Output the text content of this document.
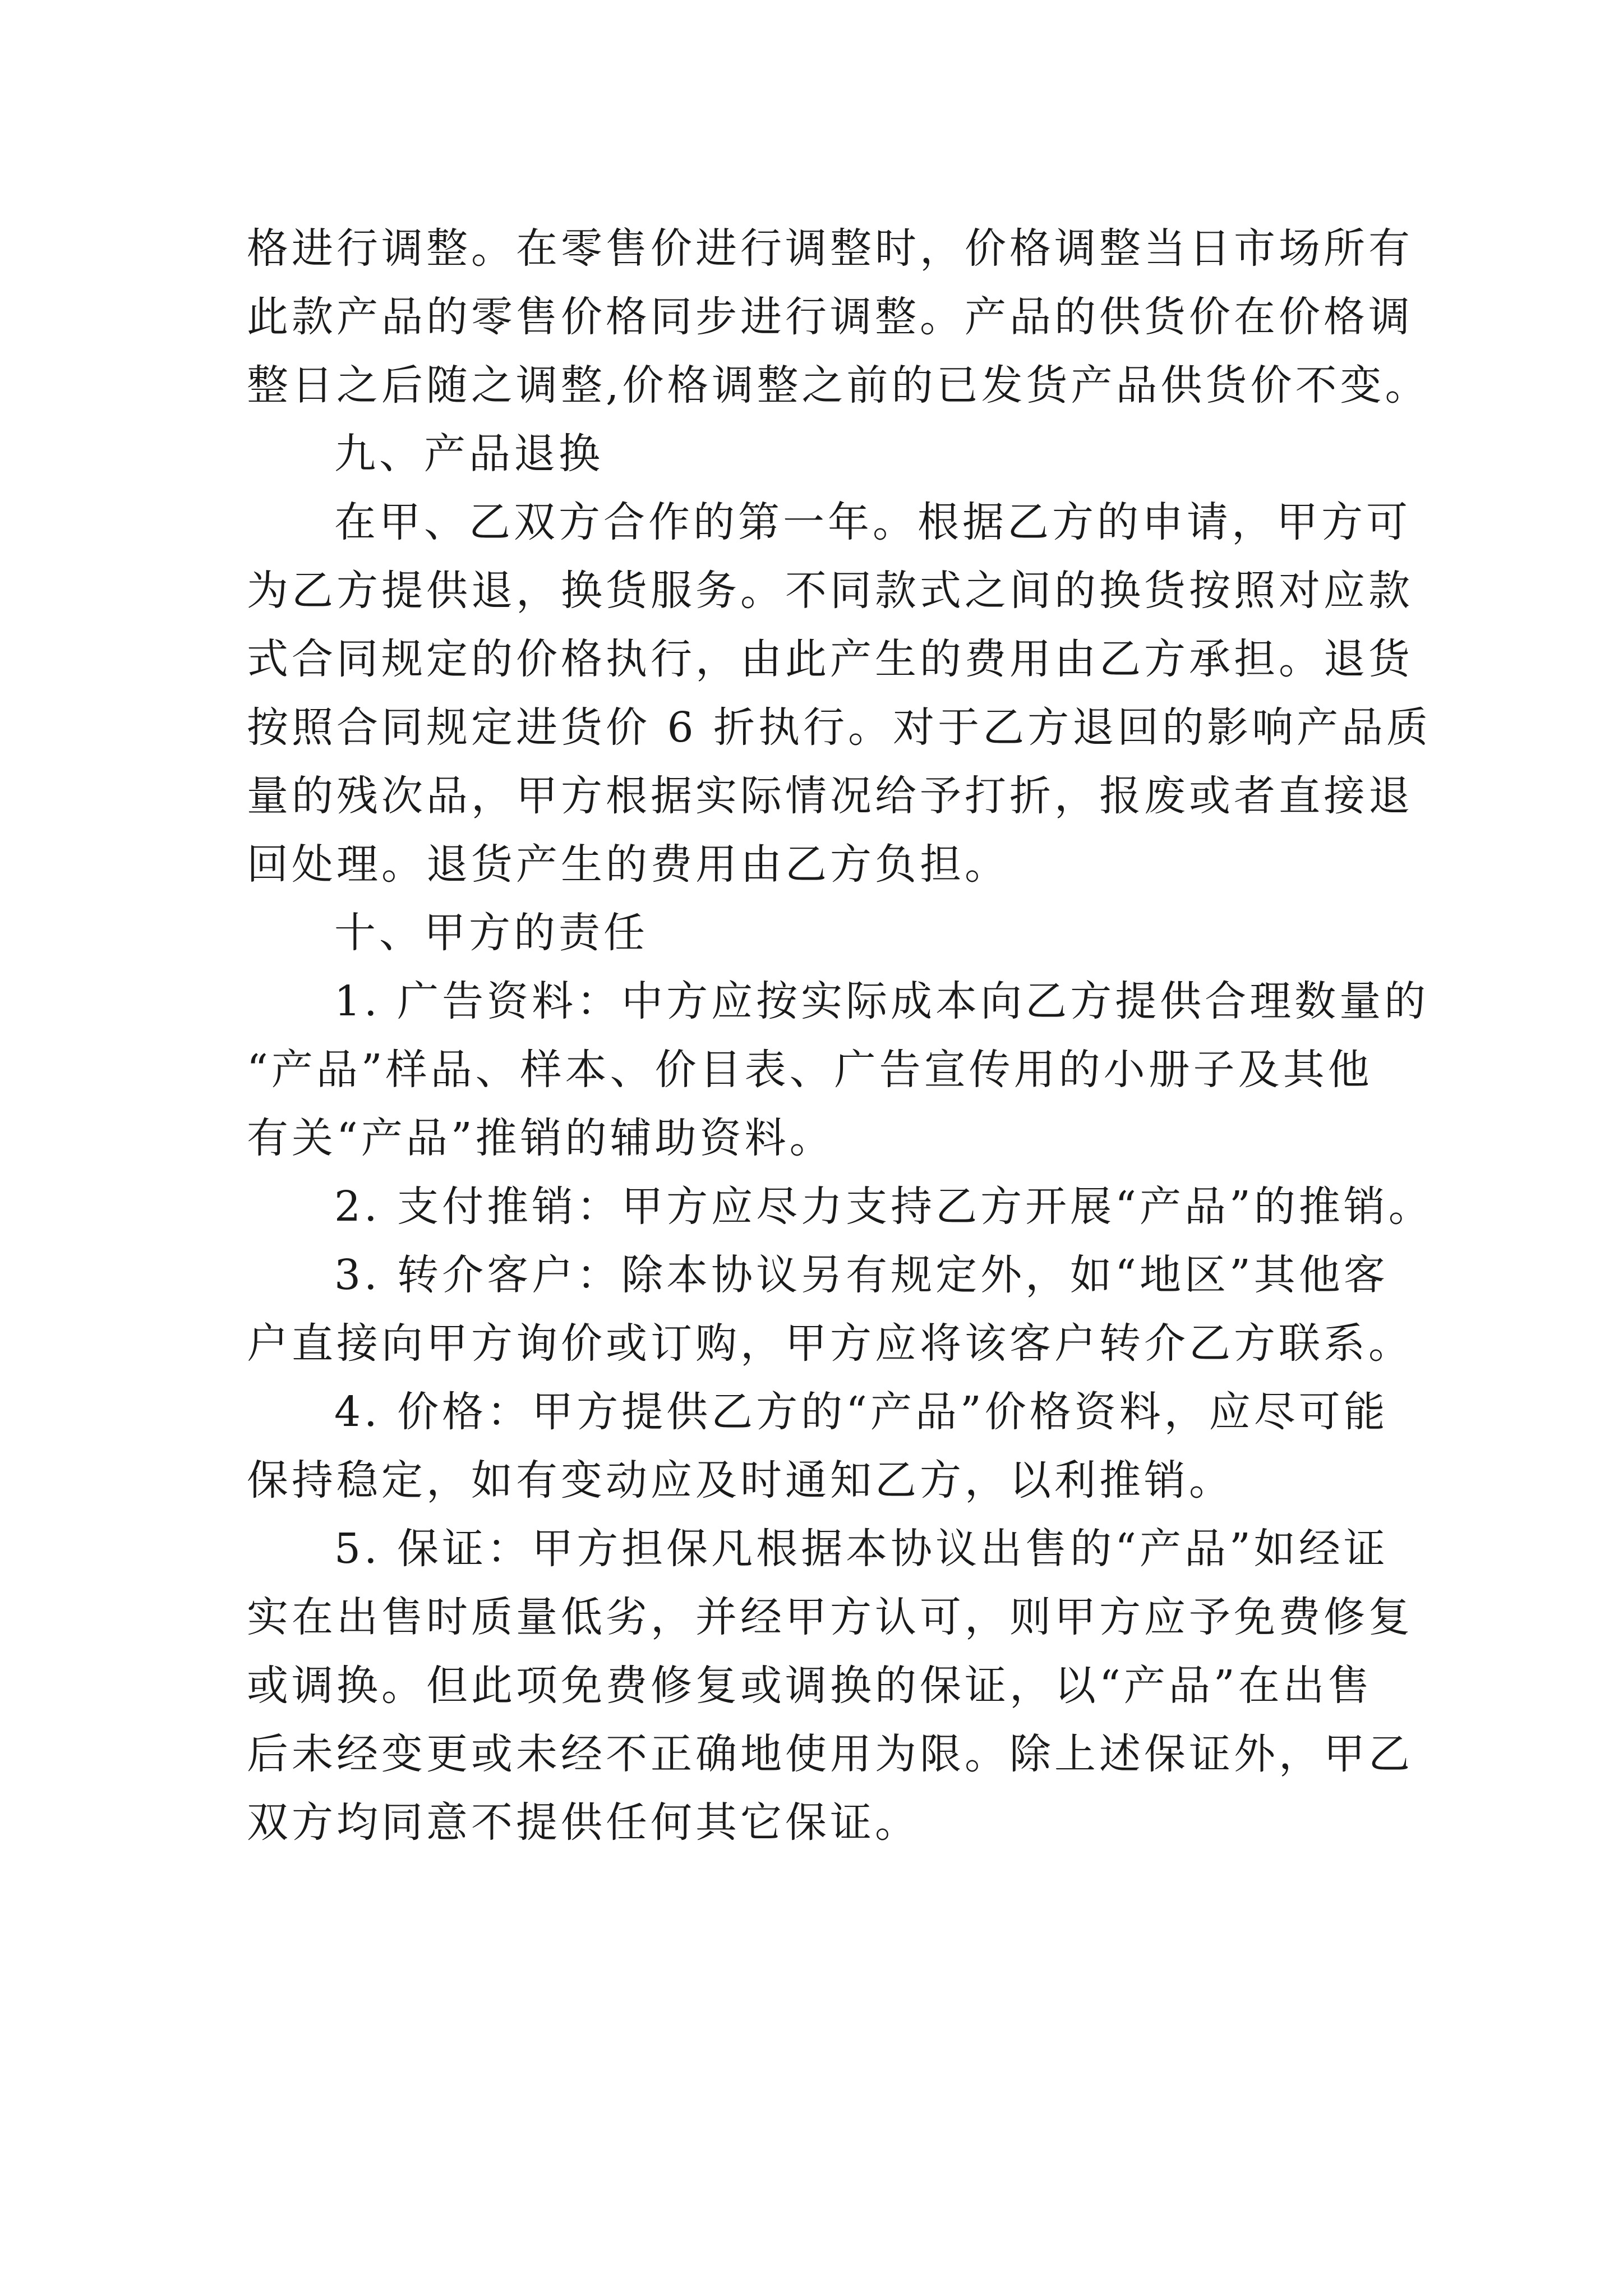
格进行调整。在零售价进行调整时，价格调整当日市场所有
此款产品的零售价格同步进行调整。产品的供货价在价格调
整日之后随之调整,价格调整之前的已发货产品供货价不变。
九、产品退换
在甲、乙双方合作的第一年。根据乙方的申请，甲方可
为乙方提供退，换货服务。不同款式之间的换货按照对应款
式合同规定的价格执行，由此产生的费用由乙方承担。退货
按照合同规定进货价 6 折执行。对于乙方退回的影响产品质
量的残次品，甲方根据实际情况给予打折，报废或者直接退
回处理。退货产生的费用由乙方负担。
十、甲方的责任
1. 广告资料：中方应按实际成本向乙方提供合理数量的
“产品”样品、样本、价目表、广告宣传用的小册子及其他
有关“产品”推销的辅助资料。
2. 支付推销：甲方应尽力支持乙方开展“产品”的推销。
3. 转介客户：除本协议另有规定外，如“地区”其他客
户直接向甲方询价或订购，甲方应将该客户转介乙方联系。
4. 价格：甲方提供乙方的“产品”价格资料，应尽可能
保持稳定，如有变动应及时通知乙方，以利推销。
5. 保证：甲方担保凡根据本协议出售的“产品”如经证
实在出售时质量低劣，并经甲方认可，则甲方应予免费修复
或调换。但此项免费修复或调换的保证，以“产品”在出售
后未经变更或未经不正确地使用为限。除上述保证外，甲乙
双方均同意不提供任何其它保证。
